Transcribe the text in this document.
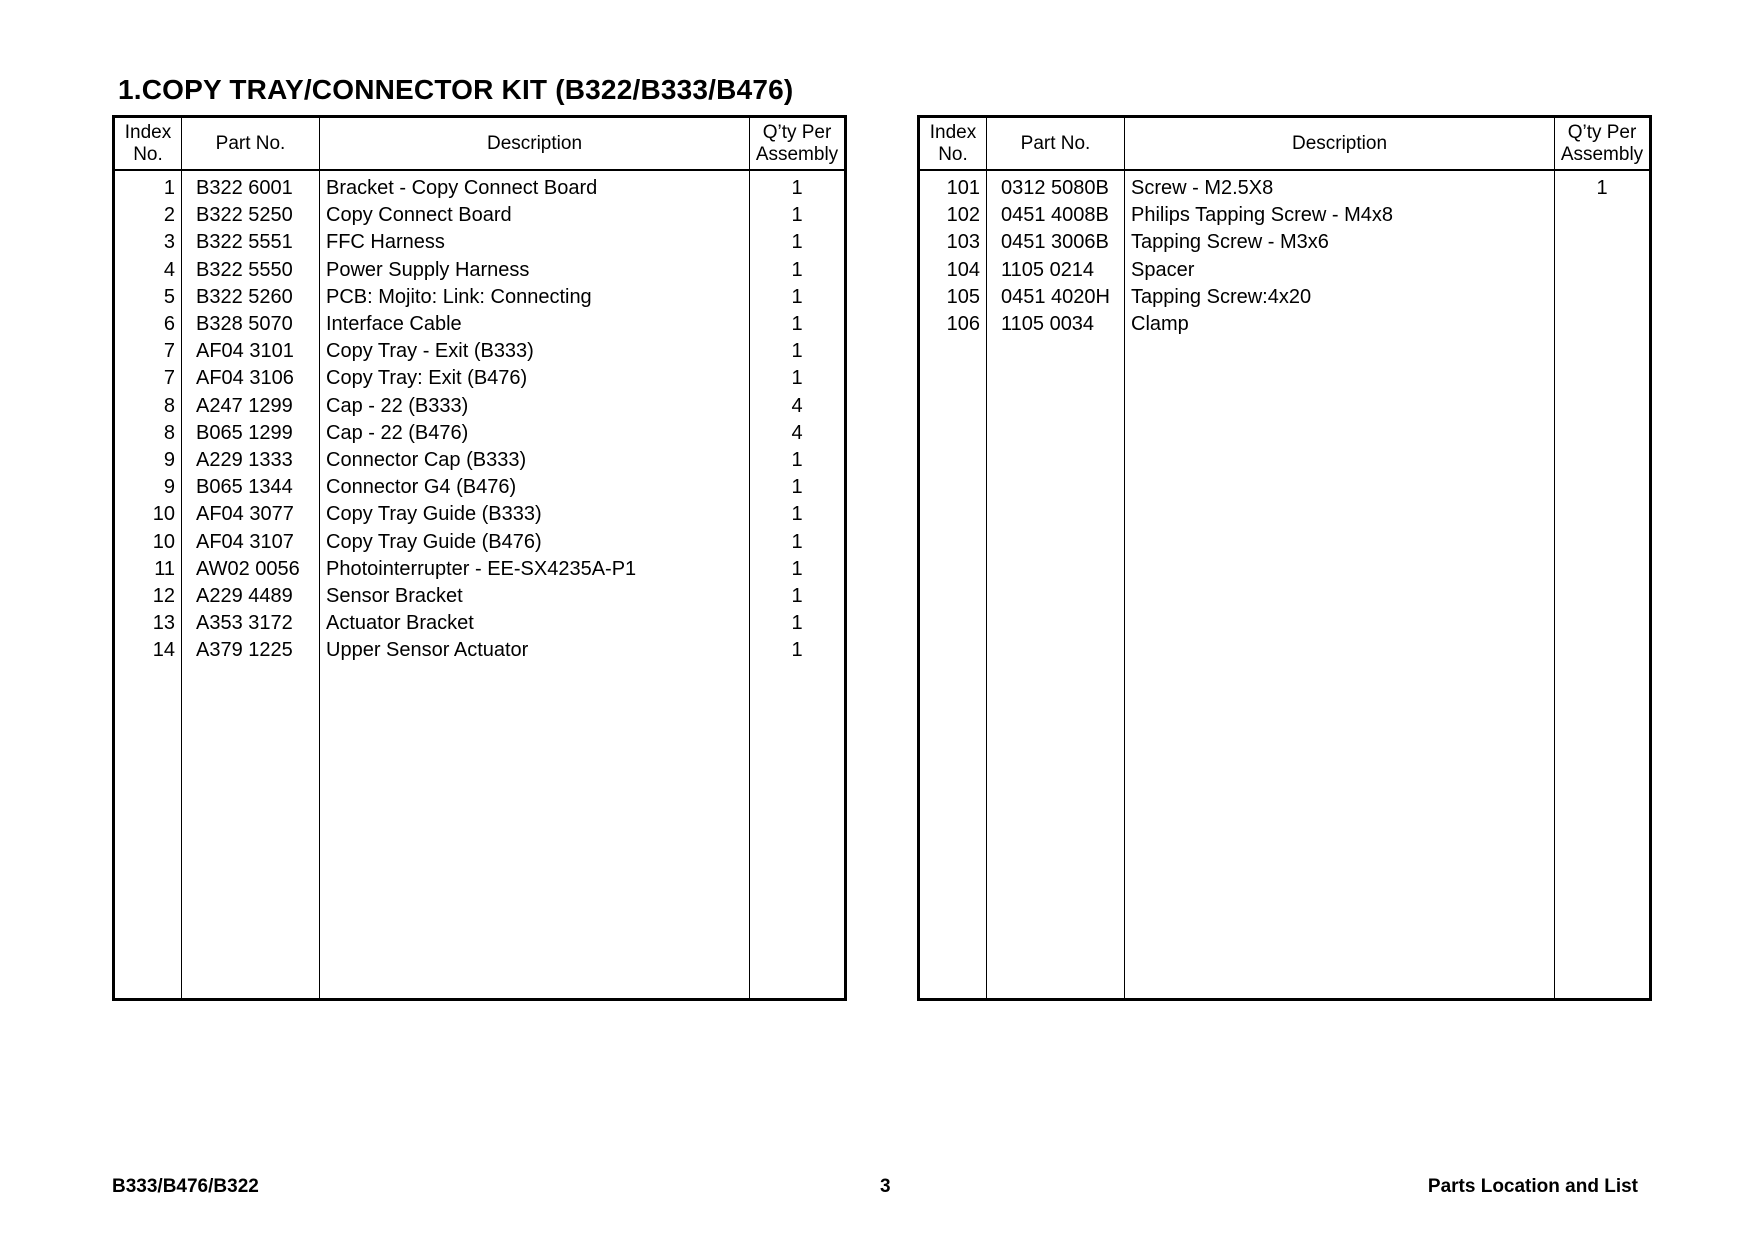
1.COPY TRAY/CONNECTOR KIT (B322/B333/B476)
Index
No.	Part No.	Description	Q’ty Per
Assembly
1	B322 6001	Bracket - Copy Connect Board	1
2	B322 5250	Copy Connect Board	1
3	B322 5551	FFC Harness	1
4	B322 5550	Power Supply Harness	1
5	B322 5260	PCB: Mojito: Link: Connecting	1
6	B328 5070	Interface Cable	1
7	AF04 3101	Copy Tray - Exit (B333)	1
7	AF04 3106	Copy Tray: Exit (B476)	1
8	A247 1299	Cap - 22 (B333)	4
8	B065 1299	Cap - 22 (B476)	4
9	A229 1333	Connector Cap (B333)	1
9	B065 1344	Connector G4 (B476)	1
10	AF04 3077	Copy Tray Guide (B333)	1
10	AF04 3107	Copy Tray Guide (B476)	1
11	AW02 0056	Photointerrupter - EE-SX4235A-P1	1
12	A229 4489	Sensor Bracket	1
13	A353 3172	Actuator Bracket	1
14	A379 1225	Upper Sensor Actuator	1

Index
No.	Part No.	Description	Q’ty Per
Assembly
101	0312 5080B	Screw - M2.5X8	1
102	0451 4008B	Philips Tapping Screw - M4x8	
103	0451 3006B	Tapping Screw - M3x6	
104	1105 0214	Spacer	
105	0451 4020H	Tapping Screw:4x20	
106	1105 0034	Clamp	

B333/B476/B322	3	Parts Location and List
